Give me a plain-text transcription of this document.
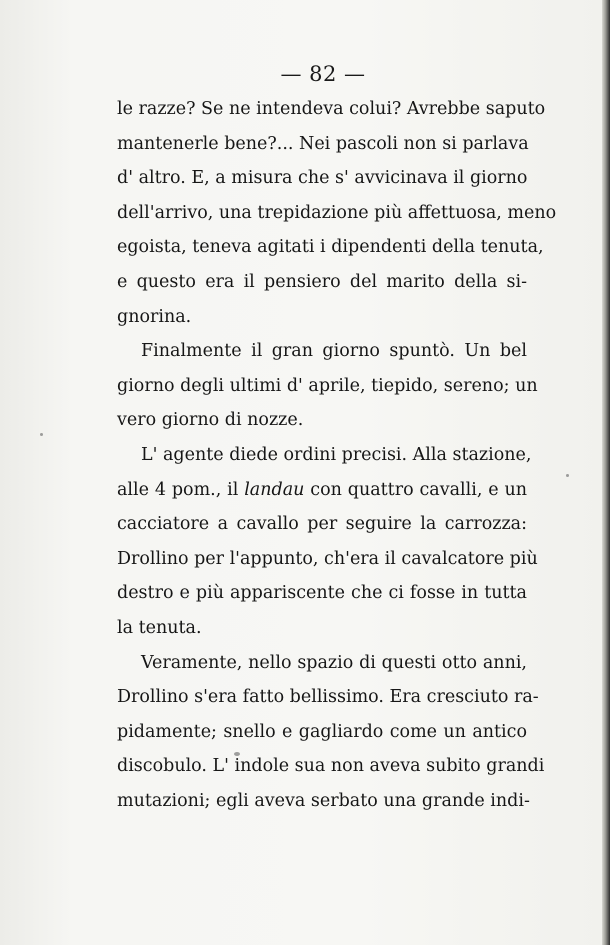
— 82 —
le razze? Se ne intendeva colui? Avrebbe saputo
mantenerle bene?... Nei pascoli non si parlava
d' altro. E, a misura che s' avvicinava il giorno
dell'arrivo, una trepidazione più affettuosa, meno
egoista, teneva agitati i dipendenti della tenuta,
e questo era il pensiero del marito della si-
gnorina.
Finalmente il gran giorno spuntò. Un bel
giorno degli ultimi d' aprile, tiepido, sereno; un
vero giorno di nozze.
L' agente diede ordini precisi. Alla stazione,
alle 4 pom., il landau con quattro cavalli, e un
cacciatore a cavallo per seguire la carrozza:
Drollino per l'appunto, ch'era il cavalcatore più
destro e più appariscente che ci fosse in tutta
la tenuta.
Veramente, nello spazio di questi otto anni,
Drollino s'era fatto bellissimo. Era cresciuto ra-
pidamente; snello e gagliardo come un antico
discobulo. L' indole sua non aveva subito grandi
mutazioni; egli aveva serbato una grande indi-
